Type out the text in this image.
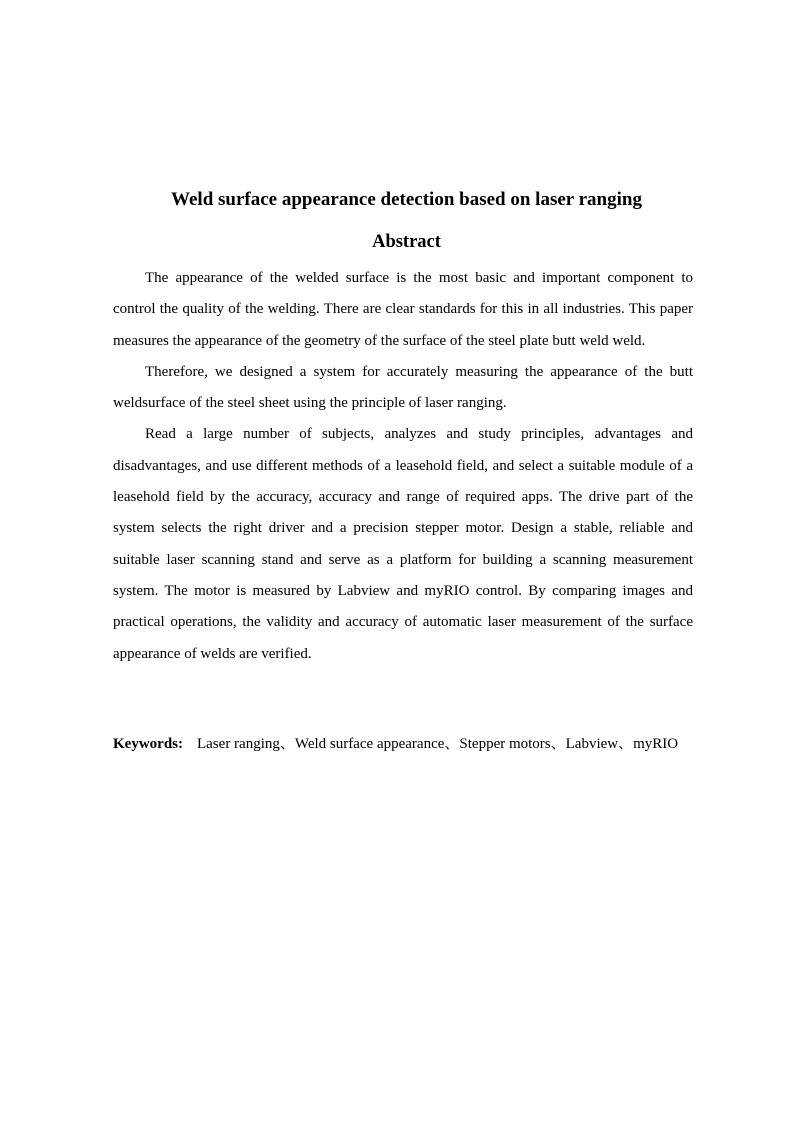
Weld surface appearance detection based on laser ranging
Abstract

The appearance of the welded surface is the most basic and important component to control the quality of the welding. There are clear standards for this in all industries. This paper measures the appearance of the geometry of the surface of the steel plate butt weld weld.

Therefore, we designed a system for accurately measuring the appearance of the butt weldsurface of the steel sheet using the principle of laser ranging.

Read a large number of subjects, analyzes and study principles, advantages and disadvantages, and use different methods of a leasehold field, and select a suitable module of a leasehold field by the accuracy, accuracy and range of required apps. The drive part of the system selects the right driver and a precision stepper motor. Design a stable, reliable and suitable laser scanning stand and serve as a platform for building a scanning measurement system. The motor is measured by Labview and myRIO control. By comparing images and practical operations, the validity and accuracy of automatic laser measurement of the surface appearance of welds are verified.

Keywords: Laser ranging、Weld surface appearance、Stepper motors、Labview、myRIO
